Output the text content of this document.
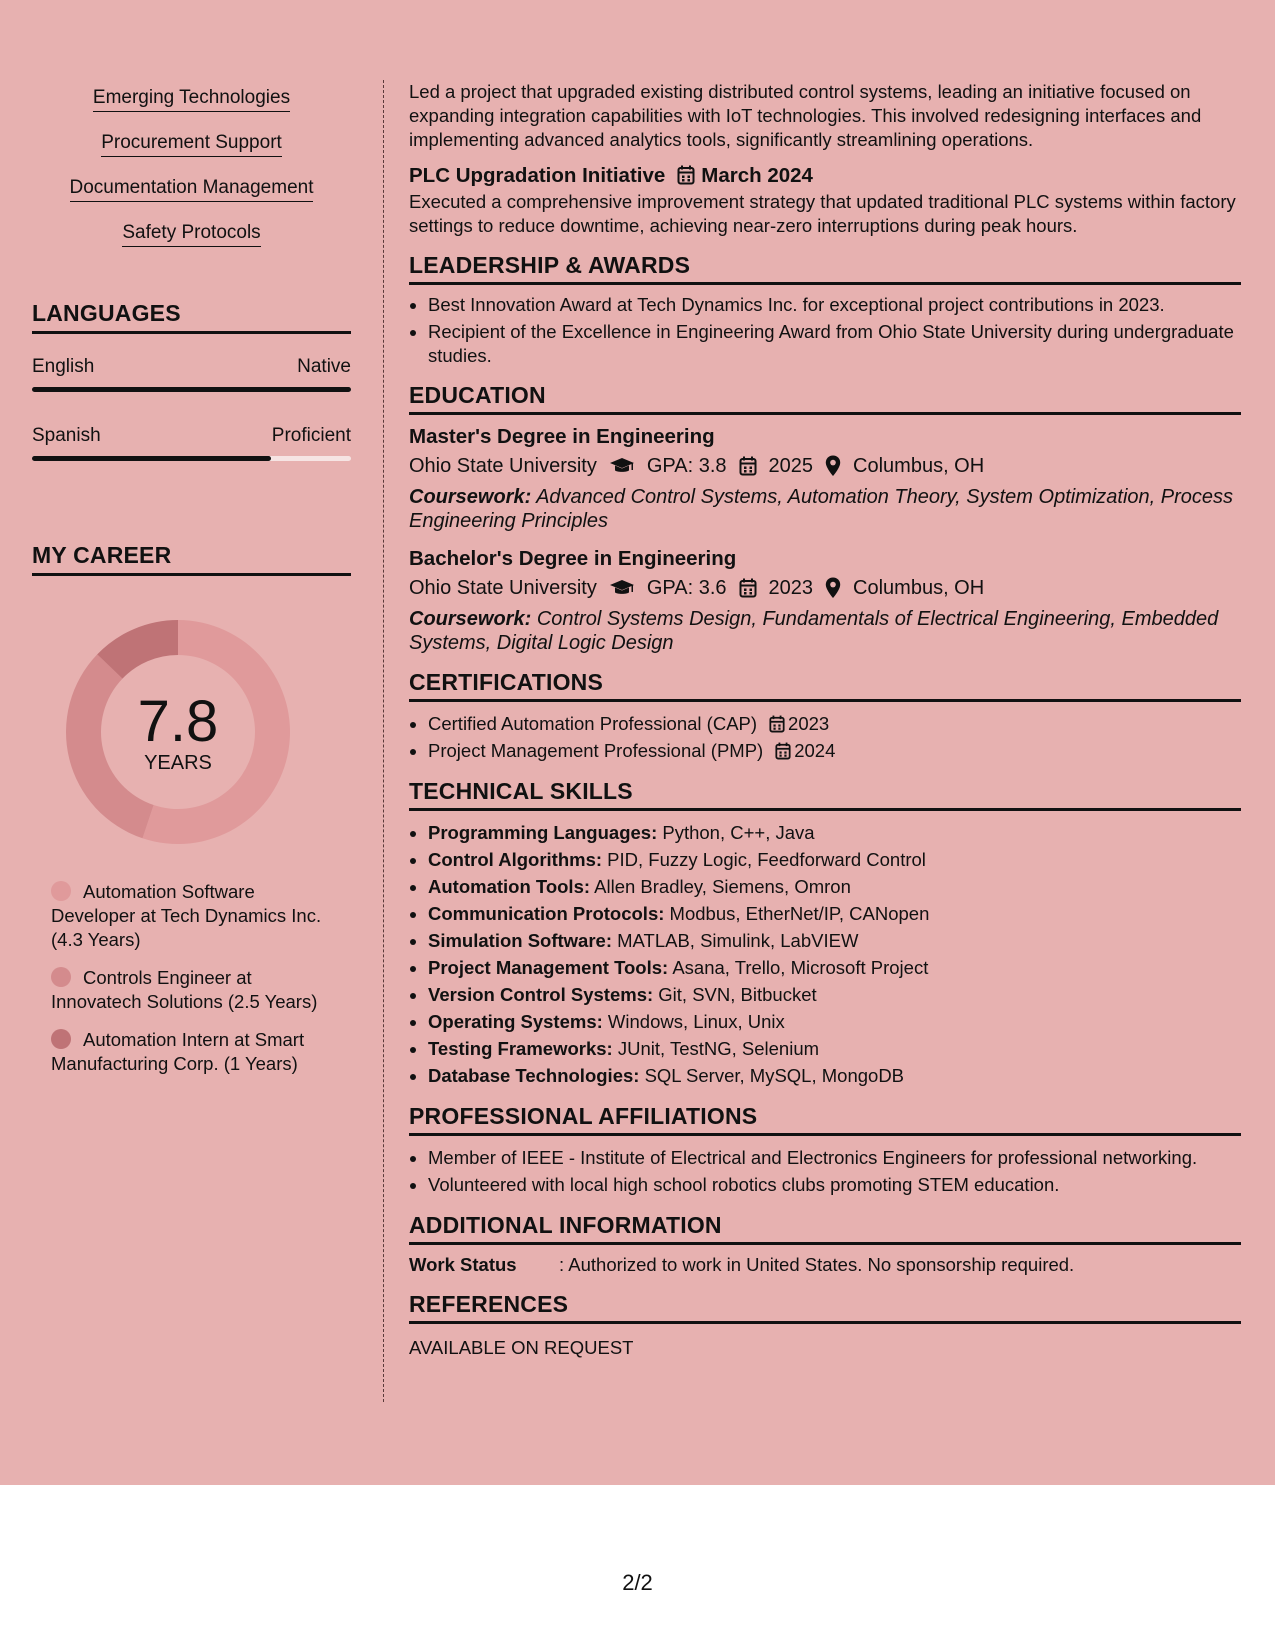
Emerging Technologies
Procurement Support
Documentation Management
Safety Protocols
LANGUAGES
English	Native
Spanish	Proficient
MY CAREER
7.8
YEARS
Automation Software Developer at Tech Dynamics Inc. (4.3 Years)
Controls Engineer at Innovatech Solutions (2.5 Years)
Automation Intern at Smart Manufacturing Corp. (1 Years)
Led a project that upgraded existing distributed control systems, leading an initiative focused on expanding integration capabilities with IoT technologies. This involved redesigning interfaces and implementing advanced analytics tools, significantly streamlining operations.
PLC Upgradation Initiative March 2024
Executed a comprehensive improvement strategy that updated traditional PLC systems within factory settings to reduce downtime, achieving near-zero interruptions during peak hours.
LEADERSHIP & AWARDS
• Best Innovation Award at Tech Dynamics Inc. for exceptional project contributions in 2023.
• Recipient of the Excellence in Engineering Award from Ohio State University during undergraduate studies.
EDUCATION
Master's Degree in Engineering
Ohio State University	GPA: 3.8 2025 Columbus, OH
Coursework: Advanced Control Systems, Automation Theory, System Optimization, Process Engineering Principles
Bachelor's Degree in Engineering
Ohio State University	GPA: 3.6 2023 Columbus, OH
Coursework: Control Systems Design, Fundamentals of Electrical Engineering, Embedded Systems, Digital Logic Design
CERTIFICATIONS
• Certified Automation Professional (CAP) 2023
• Project Management Professional (PMP) 2024
TECHNICAL SKILLS
• Programming Languages: Python, C++, Java
• Control Algorithms: PID, Fuzzy Logic, Feedforward Control
• Automation Tools: Allen Bradley, Siemens, Omron
• Communication Protocols: Modbus, EtherNet/IP, CANopen
• Simulation Software: MATLAB, Simulink, LabVIEW
• Project Management Tools: Asana, Trello, Microsoft Project
• Version Control Systems: Git, SVN, Bitbucket
• Operating Systems: Windows, Linux, Unix
• Testing Frameworks: JUnit, TestNG, Selenium
• Database Technologies: SQL Server, MySQL, MongoDB
PROFESSIONAL AFFILIATIONS
• Member of IEEE - Institute of Electrical and Electronics Engineers for professional networking.
• Volunteered with local high school robotics clubs promoting STEM education.
ADDITIONAL INFORMATION
Work Status	: Authorized to work in United States. No sponsorship required.
REFERENCES
AVAILABLE ON REQUEST
2/2
